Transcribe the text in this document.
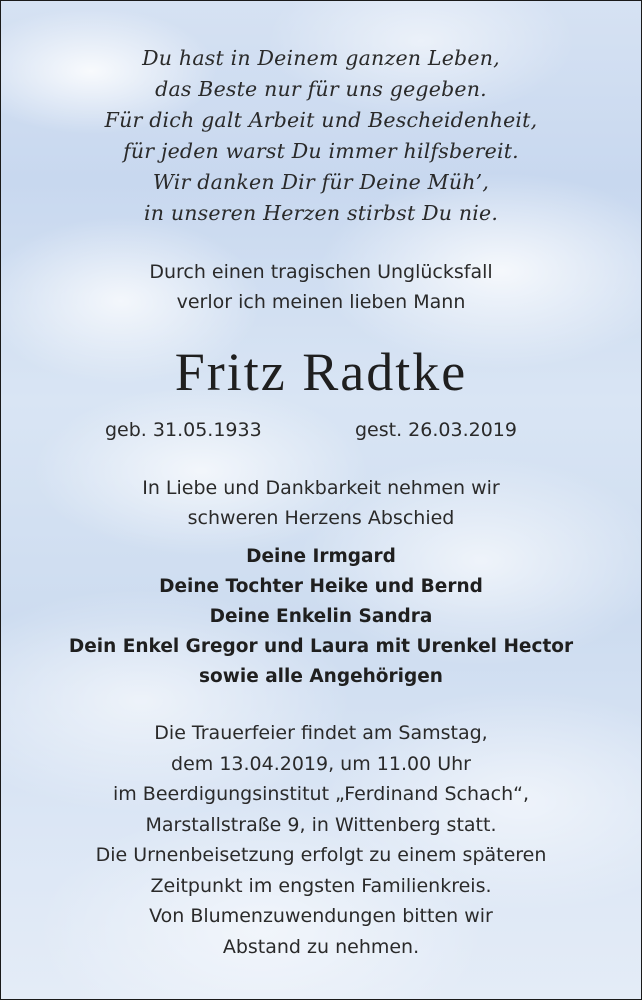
Du hast in Deinem ganzen Leben,
das Beste nur für uns gegeben.
Für dich galt Arbeit und Bescheidenheit,
für jeden warst Du immer hilfsbereit.
Wir danken Dir für Deine Müh’,
in unseren Herzen stirbst Du nie.
Durch einen tragischen Unglücksfall
verlor ich meinen lieben Mann
Fritz Radtke
geb. 31.05.1933	gest. 26.03.2019
In Liebe und Dankbarkeit nehmen wir
schweren Herzens Abschied
Deine Irmgard
Deine Tochter Heike und Bernd
Deine Enkelin Sandra
Dein Enkel Gregor und Laura mit Urenkel Hector
sowie alle Angehörigen
Die Trauerfeier findet am Samstag,
dem 13.04.2019, um 11.00 Uhr
im Beerdigungsinstitut „Ferdinand Schach“,
Marstallstraße 9, in Wittenberg statt.
Die Urnenbeisetzung erfolgt zu einem späteren
Zeitpunkt im engsten Familienkreis.
Von Blumenzuwendungen bitten wir
Abstand zu nehmen.
